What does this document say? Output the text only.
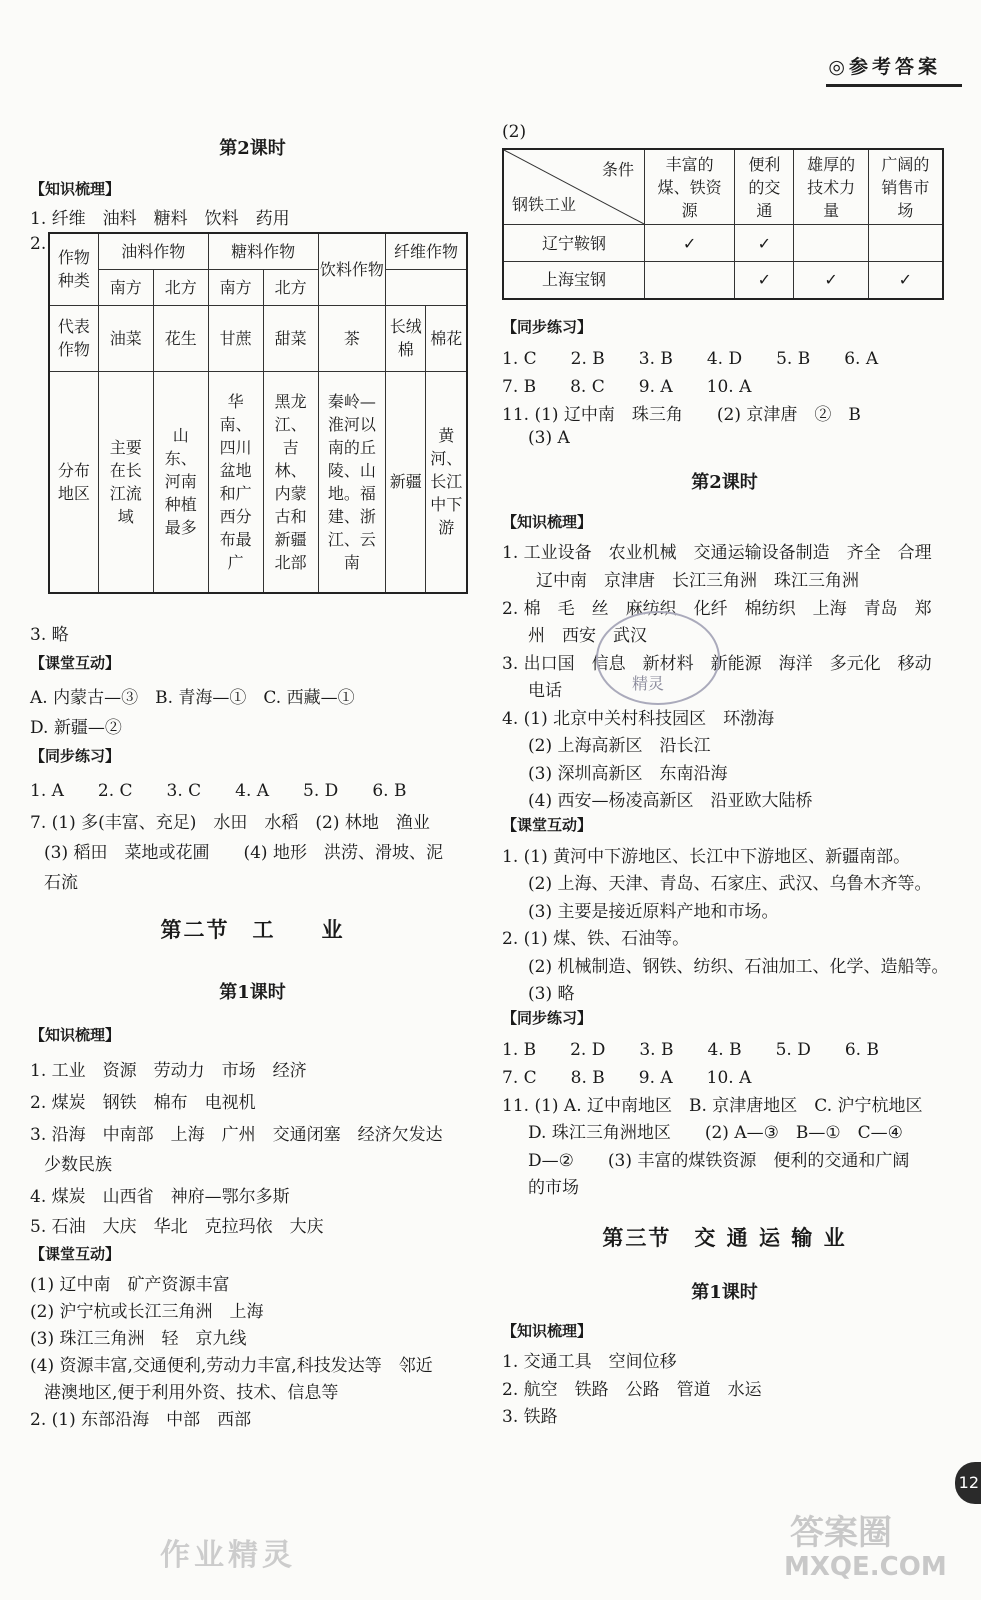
◎参考答案
12
第2课时
【知识梳理】
1. 纤维　油料　糖料　饮料　药用
2.
作物种类	油料作物		糖料作物		饮料作物	纤维作物	
	南方	北方	南方	北方		
代表作物	油菜	花生	甘蔗	甜菜	茶	长绒棉	棉花
分布地区	主要在长江流域	山东、河南种植最多	华南、四川盆地和广西分布最广	黑龙江、吉林、内蒙古和新疆北部	秦岭—淮河以南的丘陵、山地。福建、浙江、云南	新疆	黄河、长江中下游
3. 略
【课堂互动】
A. 内蒙古—③　B. 青海—①　C. 西藏—①
D. 新疆—②
【同步练习】
1. A　　2. C　　3. C　　4. A　　5. D　　6. B
7. (1) 多(丰富、充足)　水田　水稻　(2) 林地　渔业
(3) 稻田　菜地或花圃　　(4) 地形　洪涝、滑坡、泥
石流
第二节　工　　业
第1课时
【知识梳理】
1. 工业　资源　劳动力　市场　经济
2. 煤炭　钢铁　棉布　电视机
3. 沿海　中南部　上海　广州　交通闭塞　经济欠发达
少数民族
4. 煤炭　山西省　神府—鄂尔多斯
5. 石油　大庆　华北　克拉玛依　大庆
【课堂互动】
(1) 辽中南　矿产资源丰富
(2) 沪宁杭或长江三角洲　上海
(3) 珠江三角洲　轻　京九线
(4) 资源丰富,交通便利,劳动力丰富,科技发达等　邻近
港澳地区,便于利用外资、技术、信息等
2. (1) 东部沿海　中部　西部
作业精灵
(2)
条件
钢铁工业	丰富的煤、铁资源	便利的交通	雄厚的技术力量	广阔的销售市场
辽宁鞍钢	✓	✓		
上海宝钢		✓	✓	✓
【同步练习】
1. C　　2. B　　3. B　　4. D　　5. B　　6. A
7. B　　8. C　　9. A　　10. A
11. (1) 辽中南　珠三角　　(2) 京津唐　②　B
(3) A
第2课时
【知识梳理】
1. 工业设备　农业机械　交通运输设备制造　齐全　合理
辽中南　京津唐　长江三角洲　珠江三角洲
2. 棉　毛　丝　麻纺织　化纤　棉纺织　上海　青岛　郑
州　西安　武汉
3. 出口国　信息　新材料　新能源　海洋　多元化　移动
电话
4. (1) 北京中关村科技园区　环渤海
(2) 上海高新区　沿长江
(3) 深圳高新区　东南沿海
(4) 西安—杨凌高新区　沿亚欧大陆桥
【课堂互动】
1. (1) 黄河中下游地区、长江中下游地区、新疆南部。
(2) 上海、天津、青岛、石家庄、武汉、乌鲁木齐等。
(3) 主要是接近原料产地和市场。
2. (1) 煤、铁、石油等。
(2) 机械制造、钢铁、纺织、石油加工、化学、造船等。
(3) 略
【同步练习】
1. B　　2. D　　3. B　　4. B　　5. D　　6. B
7. C　　8. B　　9. A　　10. A
11. (1) A. 辽中南地区　B. 京津唐地区　C. 沪宁杭地区
D. 珠江三角洲地区　　(2) A—③　B—①　C—④
D—②　　(3) 丰富的煤铁资源　便利的交通和广阔
的市场
第三节　交 通 运 输 业
第1课时
【知识梳理】
1. 交通工具　空间位移
2. 航空　铁路　公路　管道　水运
3. 铁路
精灵
答案圈
MXQE.COM
